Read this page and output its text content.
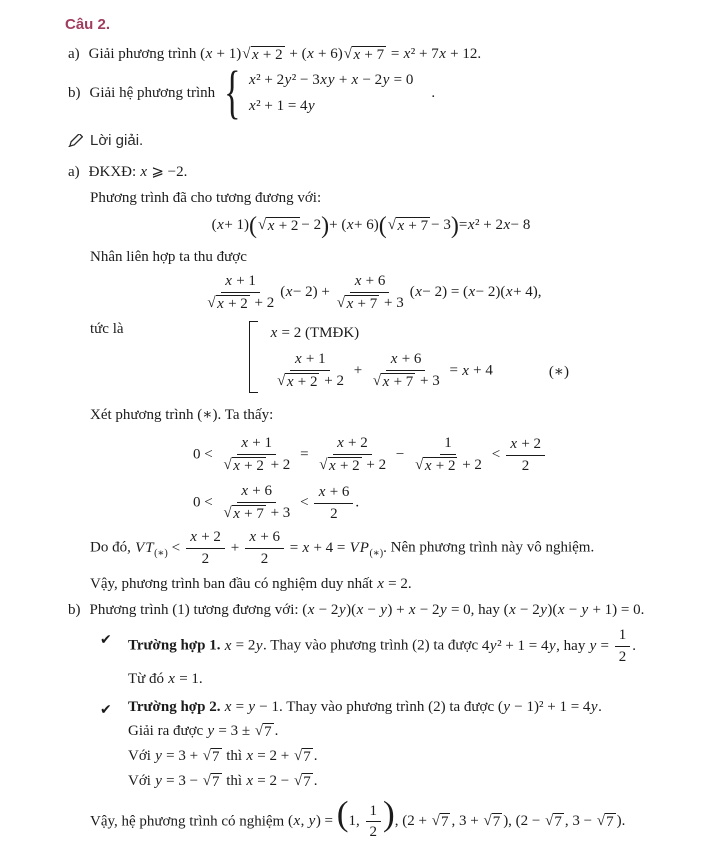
Câu 2.

a) Giải phương trình (x + 1) √ x + 2 + (x + 6) √ x + 7 = x² + 7x + 12.
b) Giải hệ phương trình { x² + 2y² − 3xy + x − 2y = 0
x² + 1 = 4y
.

Lời giải.

a) ĐKXĐ: x ⩾ −2.

Phương trình đã cho tương đương với:

( x + 1) ( √ x + 2 − 2 ) + ( x + 6) ( √ x + 7 − 3 ) = x ² + 2 x − 8

Nhân liên hợp ta thu được

$\frac{x + 1}{√ x + 2 + 2}$ ( $x - 2) + \frac{x + 6}{√ x + 7 + 3}$ ( x − 2) = ( x − 2)( x + 4),

tức là	x = 2 (TMĐK)
$\frac{x + 1}{√ x + 2 + 2} + \frac{x + 6}{√ x + 7 + 3} = x + 4$	(∗)

Xét phương trình (∗). Ta thấy:

$0 < \frac{x + 1}{√ x + 2 + 2} = \frac{x + 2}{√ x + 2 + 2} - \frac{1}{√ x + 2 + 2} < \frac{x + 2}{2}$
$0 < \frac{x + 6}{√ x + 7 + 3} < \frac{x + 6}{2}$ .

Do đó, $VT_{(∗)} < \frac{x + 2}{2} + \frac{x + 6}{2} = x + 4 = VP_{(∗)}$. Nên phương trình này vô nghiệm.

Vậy, phương trình ban đầu có nghiệm duy nhất x = 2.

b) Phương trình (1) tương đương với: (x − 2y)(x − y) + x − 2y = 0, hay (x − 2y)(x − y + 1) = 0.
✔ Trường hợp 1. x = 2y. Thay vào phương trình (2) ta được 4y² + 1 = 4y, hay $y = \frac{1}{2}$ .

Từ đó x = 1.

✔ Trường hợp 2. x = y − 1. Thay vào phương trình (2) ta được (y − 1)² + 1 = 4y.

Giải ra được y = 3 ± √ 7 .

Với y = 3 + √ 7 thì x = 2 + √ 7 .

Với y = 3 − √ 7 thì x = 2 − √ 7 .

Vậy, hệ phương trình có nghiệm (x, y) = (1, $\frac{1}{2}$ ), (2 + √ 7 , 3 + √ 7 ), (2 − √ 7 , 3 − √ 7 ).
